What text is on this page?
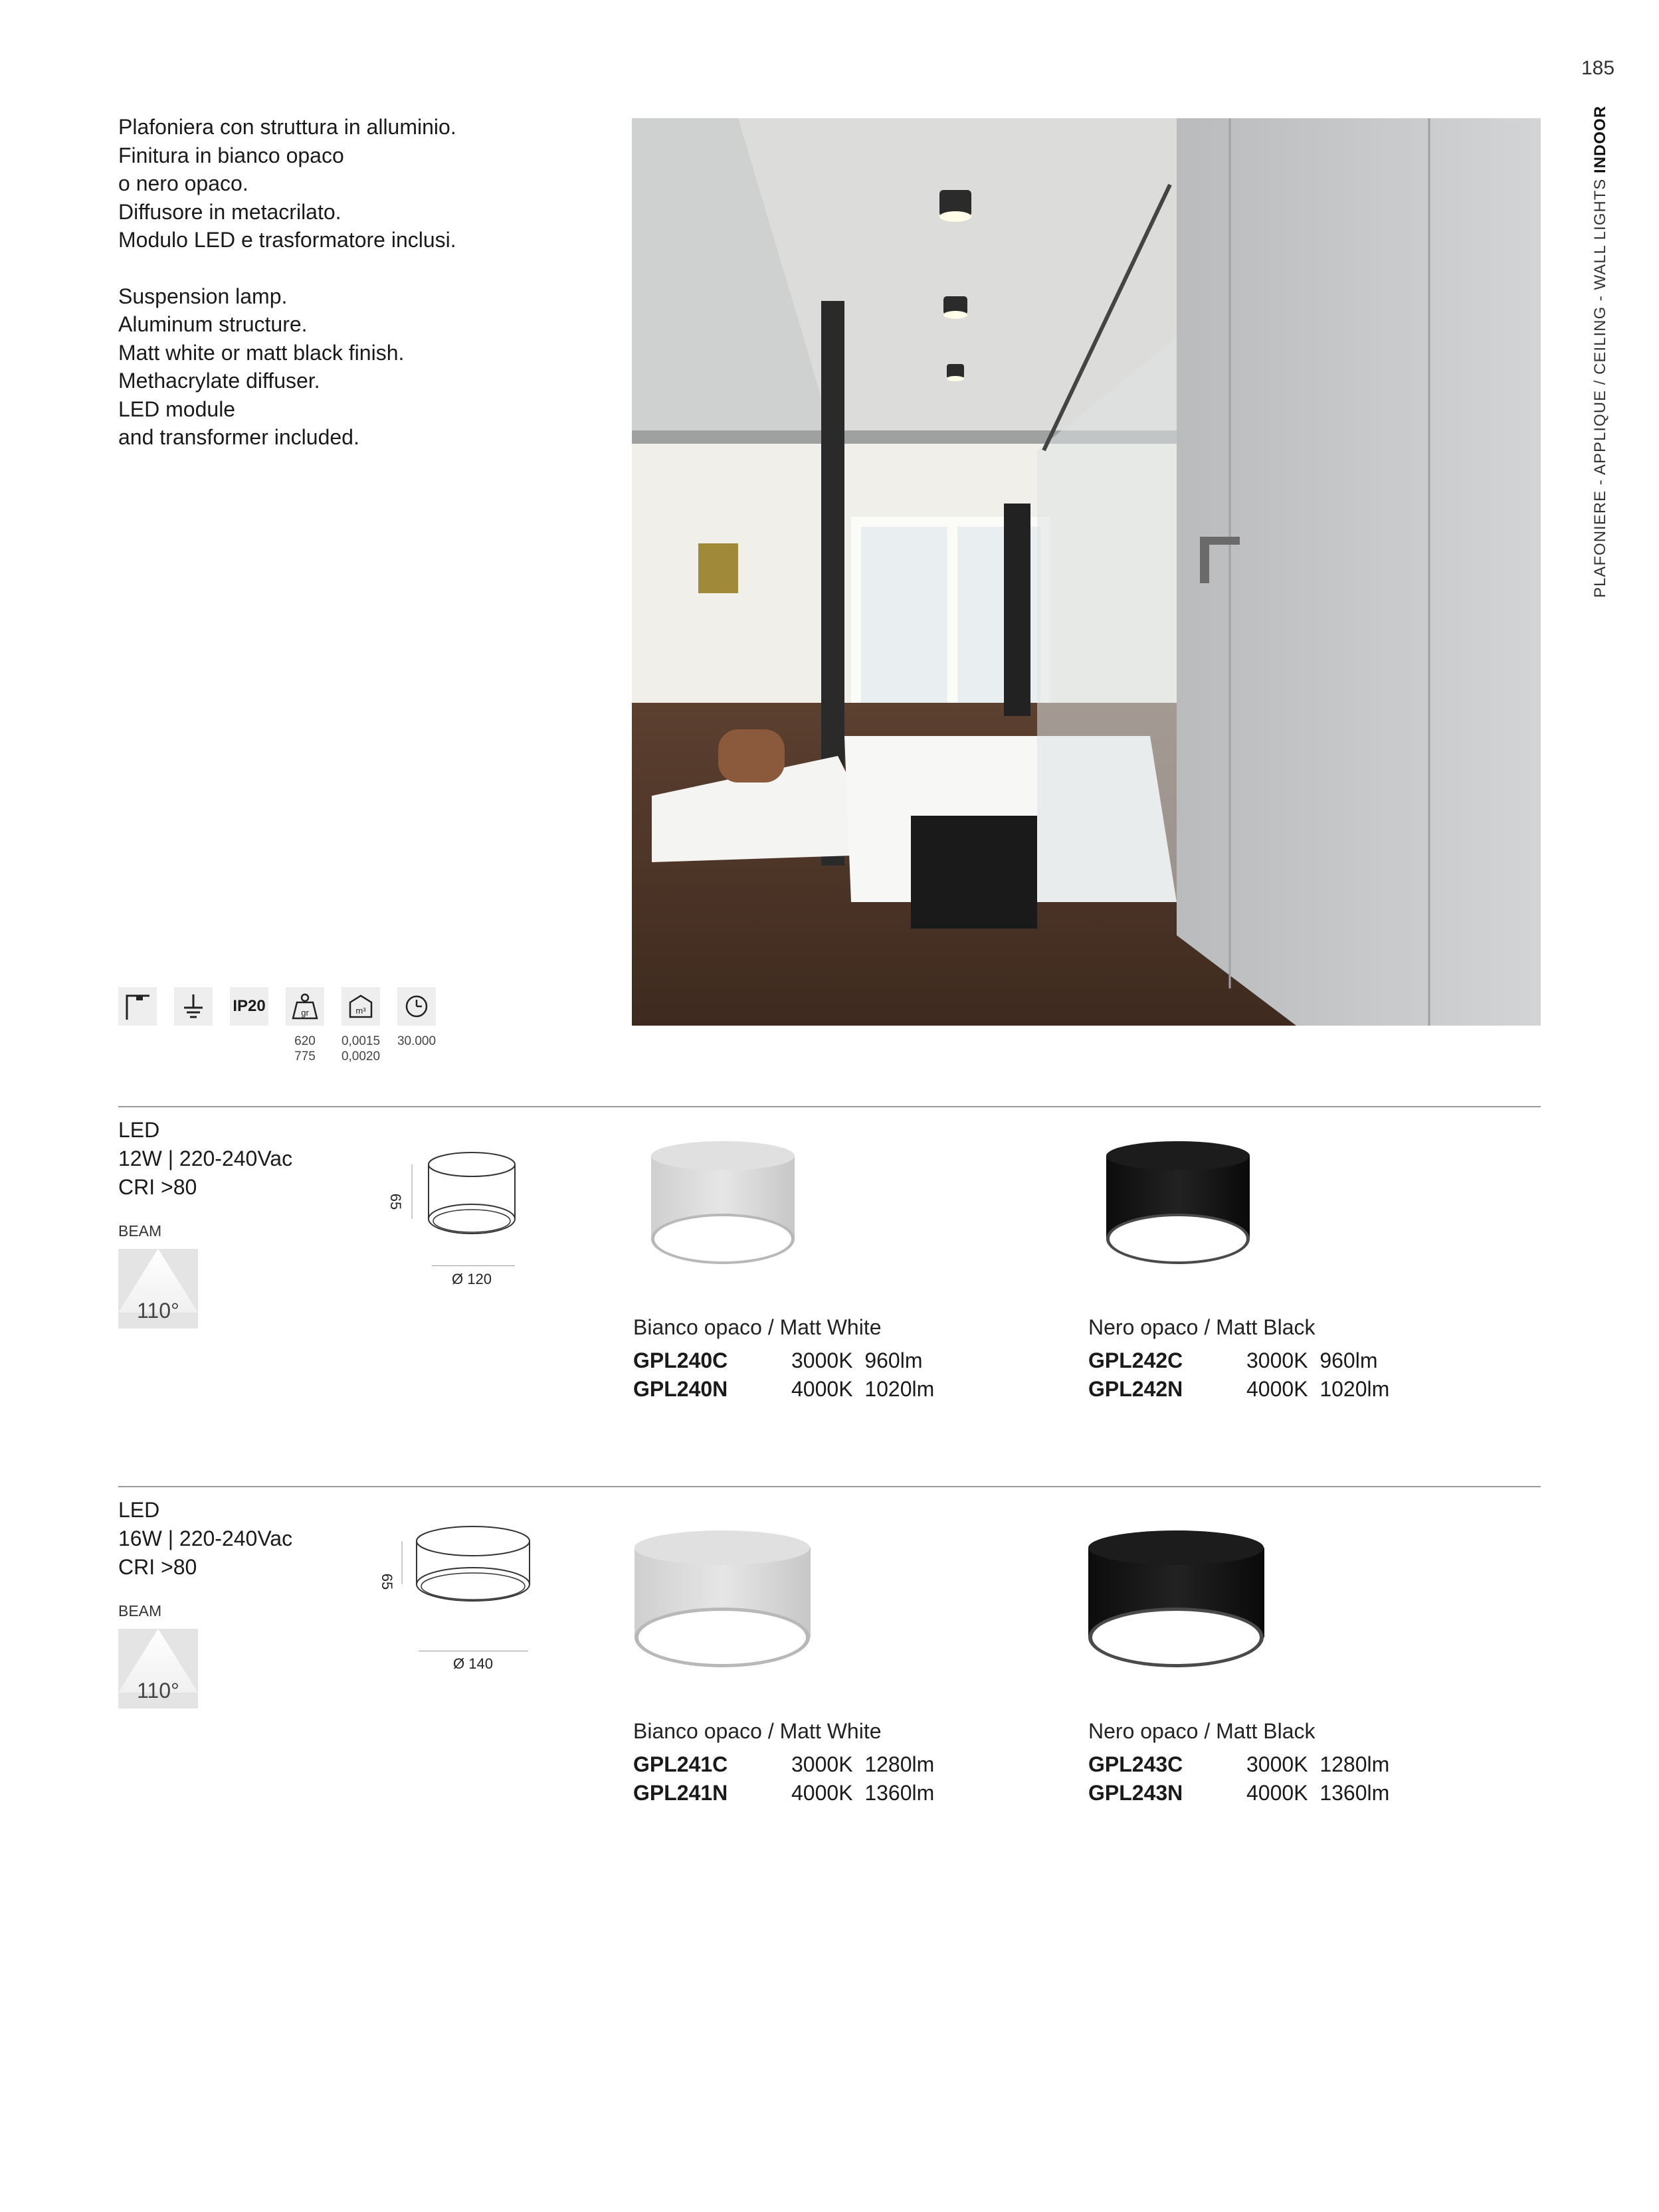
185
PLAFONIERE - APPLIQUE / CEILING - WALL LIGHTS INDOOR

Plafoniera con struttura in alluminio.

Finitura in bianco opaco

o nero opaco.

Diffusore in metacrilato.

Modulo LED e trasformatore inclusi.

Suspension lamp.

Aluminum structure.

Matt white or matt black finish.

Methacrylate diffuser.

LED module

and transformer included.

IP20	gr	m³
620
775
0,0015
0,0020
30.000
LED
12W | 220-240Vac
CRI >80
BEAM
110°
65
Ø 120
Bianco opaco / Matt White
GPL240C	3000K  960lm
GPL240N	4000K  1020lm
Nero opaco / Matt Black
GPL242C	3000K  960lm
GPL242N	4000K  1020lm
LED
16W | 220-240Vac
CRI >80
BEAM
110°
65
Ø 140
Bianco opaco / Matt White
GPL241C	3000K  1280lm
GPL241N	4000K  1360lm
Nero opaco / Matt Black
GPL243C	3000K  1280lm
GPL243N	4000K  1360lm
